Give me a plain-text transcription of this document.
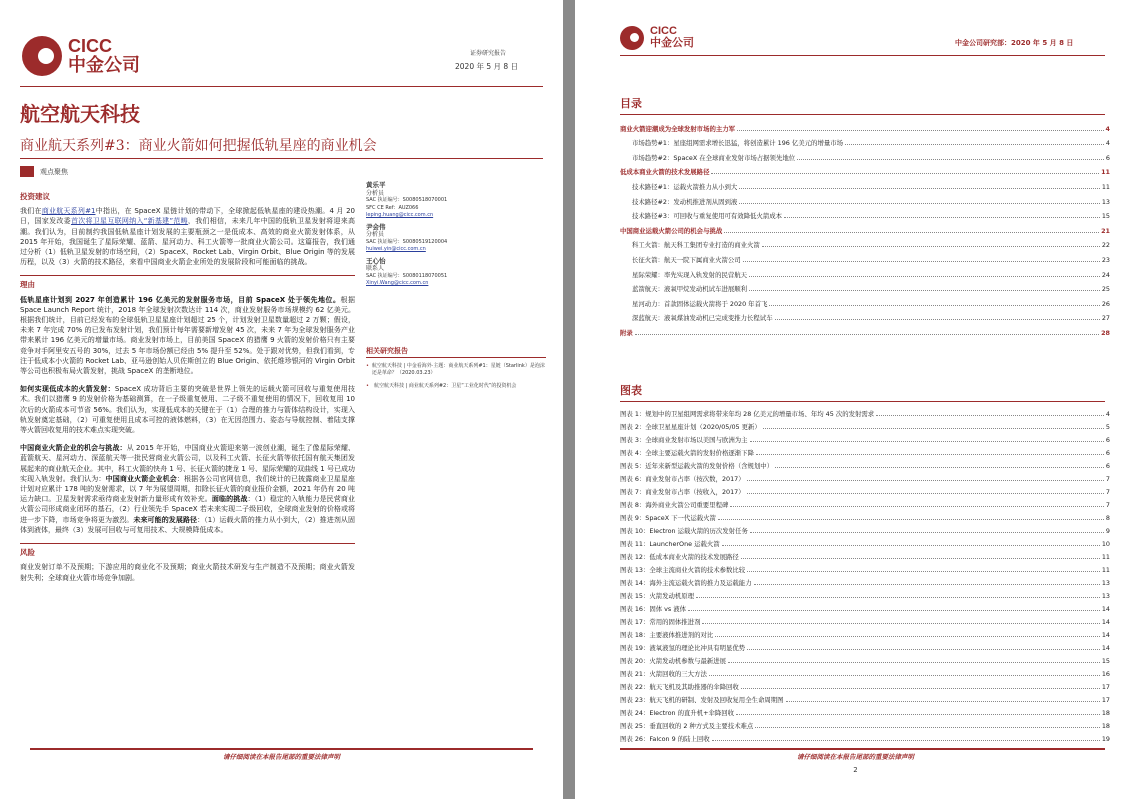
CICC
中金公司
证券研究报告
2020 年 5 月 8 日
航空航天科技
商业航天系列#3：商业火箭如何把握低轨星座的商业机会
观点聚焦
投资建议
我们在商业航天系列#1中指出，在 SpaceX 星链计划的带动下，全球掀起低轨星座的建设热潮。4 月 20 日，国家发改委首次将卫星互联网纳入“新基建”范畴，我们相信，未来几年中国的低轨卫星发射将迎来高潮。我们认为，目前制约我国低轨星座计划发展的主要瓶颈之一是低成本、高效的商业火箭发射体系，从 2015 年开始，我国诞生了星际荣耀、蓝箭、星河动力、科工火箭等一批商业火箭公司。这篇报告，我们通过分析（1）低轨卫星发射的市场空间，（2）SpaceX、Rocket Lab、Virgin Orbit、Blue Origin 等的发展历程，以及（3）火箭的技术路径，来看中国商业火箭企业所处的发展阶段和可能面临的挑战。
理由
低轨星座计划到 2027 年创造累计 196 亿美元的发射服务市场，目前 SpaceX 处于领先地位。根据 Space Launch Report 统计，2018 年全球发射次数达计 114 次，商业发射服务市场规模约 62 亿美元。根据我们统计，目前已经发布的全球低轨卫星星座计划超过 25 个，计划发射卫星数量超过 2 万颗；假设，未来 7 年完成 70% 的已发布发射计划，我们预计每年需要新增发射 45 次，未来 7 年为全球发射服务产业带来累计 196 亿美元的增量市场。商业发射市场上，目前美国 SpaceX 的猎鹰 9 火箭的发射价格只有主要竞争对手阿里安五号的 30%，过去 5 年市场份额已经由 5% 提升至 52%。处于跟对优势，但我们看到，专注于低成本小火箭的 Rocket Lab、亚马逊创始人贝佐斯创立的 Blue Origin、依托维珍银河的 Virgin Orbit 等公司也积极布局火箭发射，挑战 SpaceX 的垄断地位。
如何实现低成本的火箭发射：SpaceX 成功背后主要的突破是世界上领先的运载火箭可回收与重复使用技术。我们以猎鹰 9 的发射价格为基础测算，在一子级重复使用、二子级不重复使用的情况下，回收复用 10 次后的火箭成本可节省 56%。我们认为，实现低成本的关键在于（1）合理的推力与箭体结构设计，实现入轨发射奠定基础，（2）可重复使用且成本可控的液体燃料，（3）在无因范围力、姿态与导航控制、着陆支撑等火箭回收复用的技术难点实现突破。
中国商业火箭企业的机会与挑战：从 2015 年开始，中国商业火箭迎来第一波创业潮，诞生了像星际荣耀、蓝箭航天、星河动力、深蓝航天等一批民营商业火箭公司，以及科工火箭、长征火箭等依托国有航天集团发展起来的商业航天企业。其中，科工火箭的快舟 1 号、长征火箭的捷龙 1 号、星际荣耀的双曲线 1 号已成功实现入轨发射。我们认为：中国商业火箭企业机会：根据各公司官网信息，我们统计的已披露商业卫星星座计划对应累计 178 吨的发射需求，以 7 年为展望周期，扣除长征火箭的商业报价金额，2021 年仍有 20 吨运力缺口。卫星发射需求亟待商业发射新力量形成有效补充。面临的挑战：（1）稳定的入轨能力是民营商业火箭公司形成商业闭环的基石，（2）行业领先手 SpaceX 若未来实现二子级回收，全球商业发射的价格或将进一步下降，市场竞争将更为激烈。未来可能的发展路径：（1）运载火箭的推力从小到大，（2）推进剂从固体到液体，最终（3）发展可回收与可复用技术、大规模降低成本。
风险
商业发射订单不及预期；下游应用的商业化不及预期；商业火箭技术研发与生产制造不及预期；商业火箭发射失利；全球商业火箭市场竞争加剧。
黄乐平
分析员
SAC 执证编号：S0080518070001
SFC CE Ref：AUZ066
leping.huang@cicc.com.cn
尹会伟
分析员
SAC 执证编号：S0080519120004
huiwei.yin@cicc.com.cn
王心怡
联系人
SAC 执证编号：S0080118070051
Xinyi.Wang@cicc.com.cn
相关研究报告
• 航空航天科技 | 中金看海外·主题：商业航天系列#1：星链（Starlink）是泡沫还是革命？（2020.03.23）
•	航空航天科技 | 商业航天系列#2：卫星“工业化时代”的投资机会
请仔细阅读在本报告尾部的重要法律声明
CICC
中金公司	中金公司研究部：2020 年 5 月 8 日
目录
商业火箭迎潮成为全球发射市场的主力军	4
市场趋势#1：星座组网需求增长迅猛，将创造累计 196 亿美元的增量市场	4
市场趋势#2：SpaceX 在全球商业发射市场占据领先地位	6
低成本商业火箭的技术发展路径	11
技术路径#1：运载火箭推力从小到大	11
技术路径#2：发动机推进剂从固到液	13
技术路径#3：可回收与重复使用可有效降低火箭成本	15
中国商业运载火箭公司的机会与挑战	21
科工火箭：航天科工集团专业打造的商业火箭	22
长征火箭：航天一院下属商业火箭公司	23
星际荣耀：率先实现入轨发射的民营航天	24
蓝箭航天：液氧甲烷发动机试车进展顺利	25
星河动力：首款固体运载火箭将于 2020 年首飞	26
深蓝航天：液氧煤油发动机已完成变推力长程试车	27
附录	28
图表
图表 1：规划中的卫星组网需求将带来年均 28 亿美元的增量市场、年均 45 次的发射需求	4
图表 2：全球卫星星座计划（2020/05/05 更新）	5
图表 3：全球商业发射市场以美国与欧洲为主	6
图表 4：全球主要运载火箭的发射价格逐渐下降	6
图表 5：近年来新型运载火箭的发射价格（含规划中）	6
图表 6：商业发射市占率（按次数，2017）	7
图表 7：商业发射市占率（按收入，2017）	7
图表 8：海外商业火箭公司重要里程碑	7
图表 9：SpaceX 下一代运载火箭	8
图表 10：Electron 运载火箭的历次发射任务	9
图表 11：LauncherOne 运载火箭	10
图表 12：低成本商业火箭的技术发展路径	11
图表 13：全球主流商业火箭的技术参数比较	11
图表 14：海外主流运载火箭的推力及运载能力	13
图表 15：火箭发动机原理	13
图表 16：固体 vs 液体	14
图表 17：常用的固体推进剂	14
图表 18：主要液体推进剂的对比	14
图表 19：液氧液氢的理论比冲具有明显优势	14
图表 20：火箭发动机参数与最新进展	15
图表 21：火箭回收的三大方法	16
图表 22：航天飞机及其助推器的伞降回收	17
图表 23：航天飞机的研制、发射及回收复用全生命周期图	17
图表 24：Electron 的直升机+伞降回收	18
图表 25：垂直回收的 2 种方式及主要技术难点	18
图表 26：Falcon 9 的陆上回收	19
请仔细阅读在本报告尾部的重要法律声明
2
